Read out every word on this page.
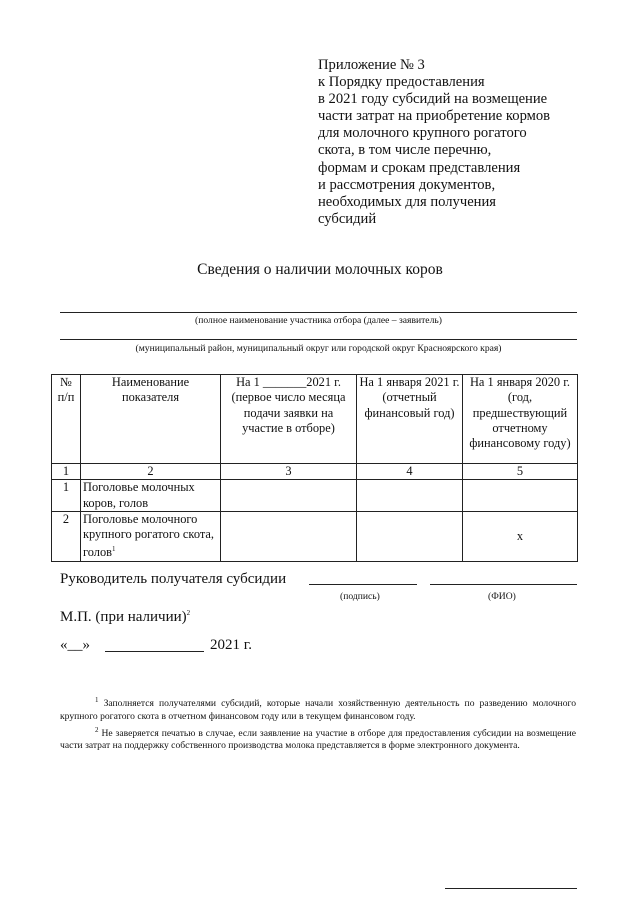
Приложение № 3
к Порядку предоставления
в 2021 году субсидий на возмещение
части затрат на приобретение кормов
для молочного крупного рогатого
скота, в том числе перечню,
формам и срокам представления
и рассмотрения документов,
необходимых для получения
субсидий
Сведения о наличии молочных коров
(полное наименование участника отбора (далее – заявитель)
(муниципальный район, муниципальный округ или городской округ Красноярского края)
№ п/п	Наименование показателя	На 1 _______2021 г. (первое число месяца подачи заявки на участие в отборе)	На 1 января 2021 г. (отчетный финансовый год)	На 1 января 2020 г. (год, предшествующий отчетному финансовому году)
1	2	3	4	5
1	Поголовье молочных коров, голов			
2	Поголовье молочного крупного рогатого скота, голов$^1$			х
Руководитель получателя субсидии
(подпись)	(ФИО)
М.П. (при наличии)$^2$
«__»	2021 г.

$^1$ Заполняется получателями субсидий, которые начали хозяйственную деятельность по разведению молочного крупного рогатого скота в отчетном финансовом году или в текущем финансовом году.

$^2$ Не заверяется печатью в случае, если заявление на участие в отборе для предоставления субсидии на возмещение части затрат на поддержку собственного производства молока представляется в форме электронного документа.
